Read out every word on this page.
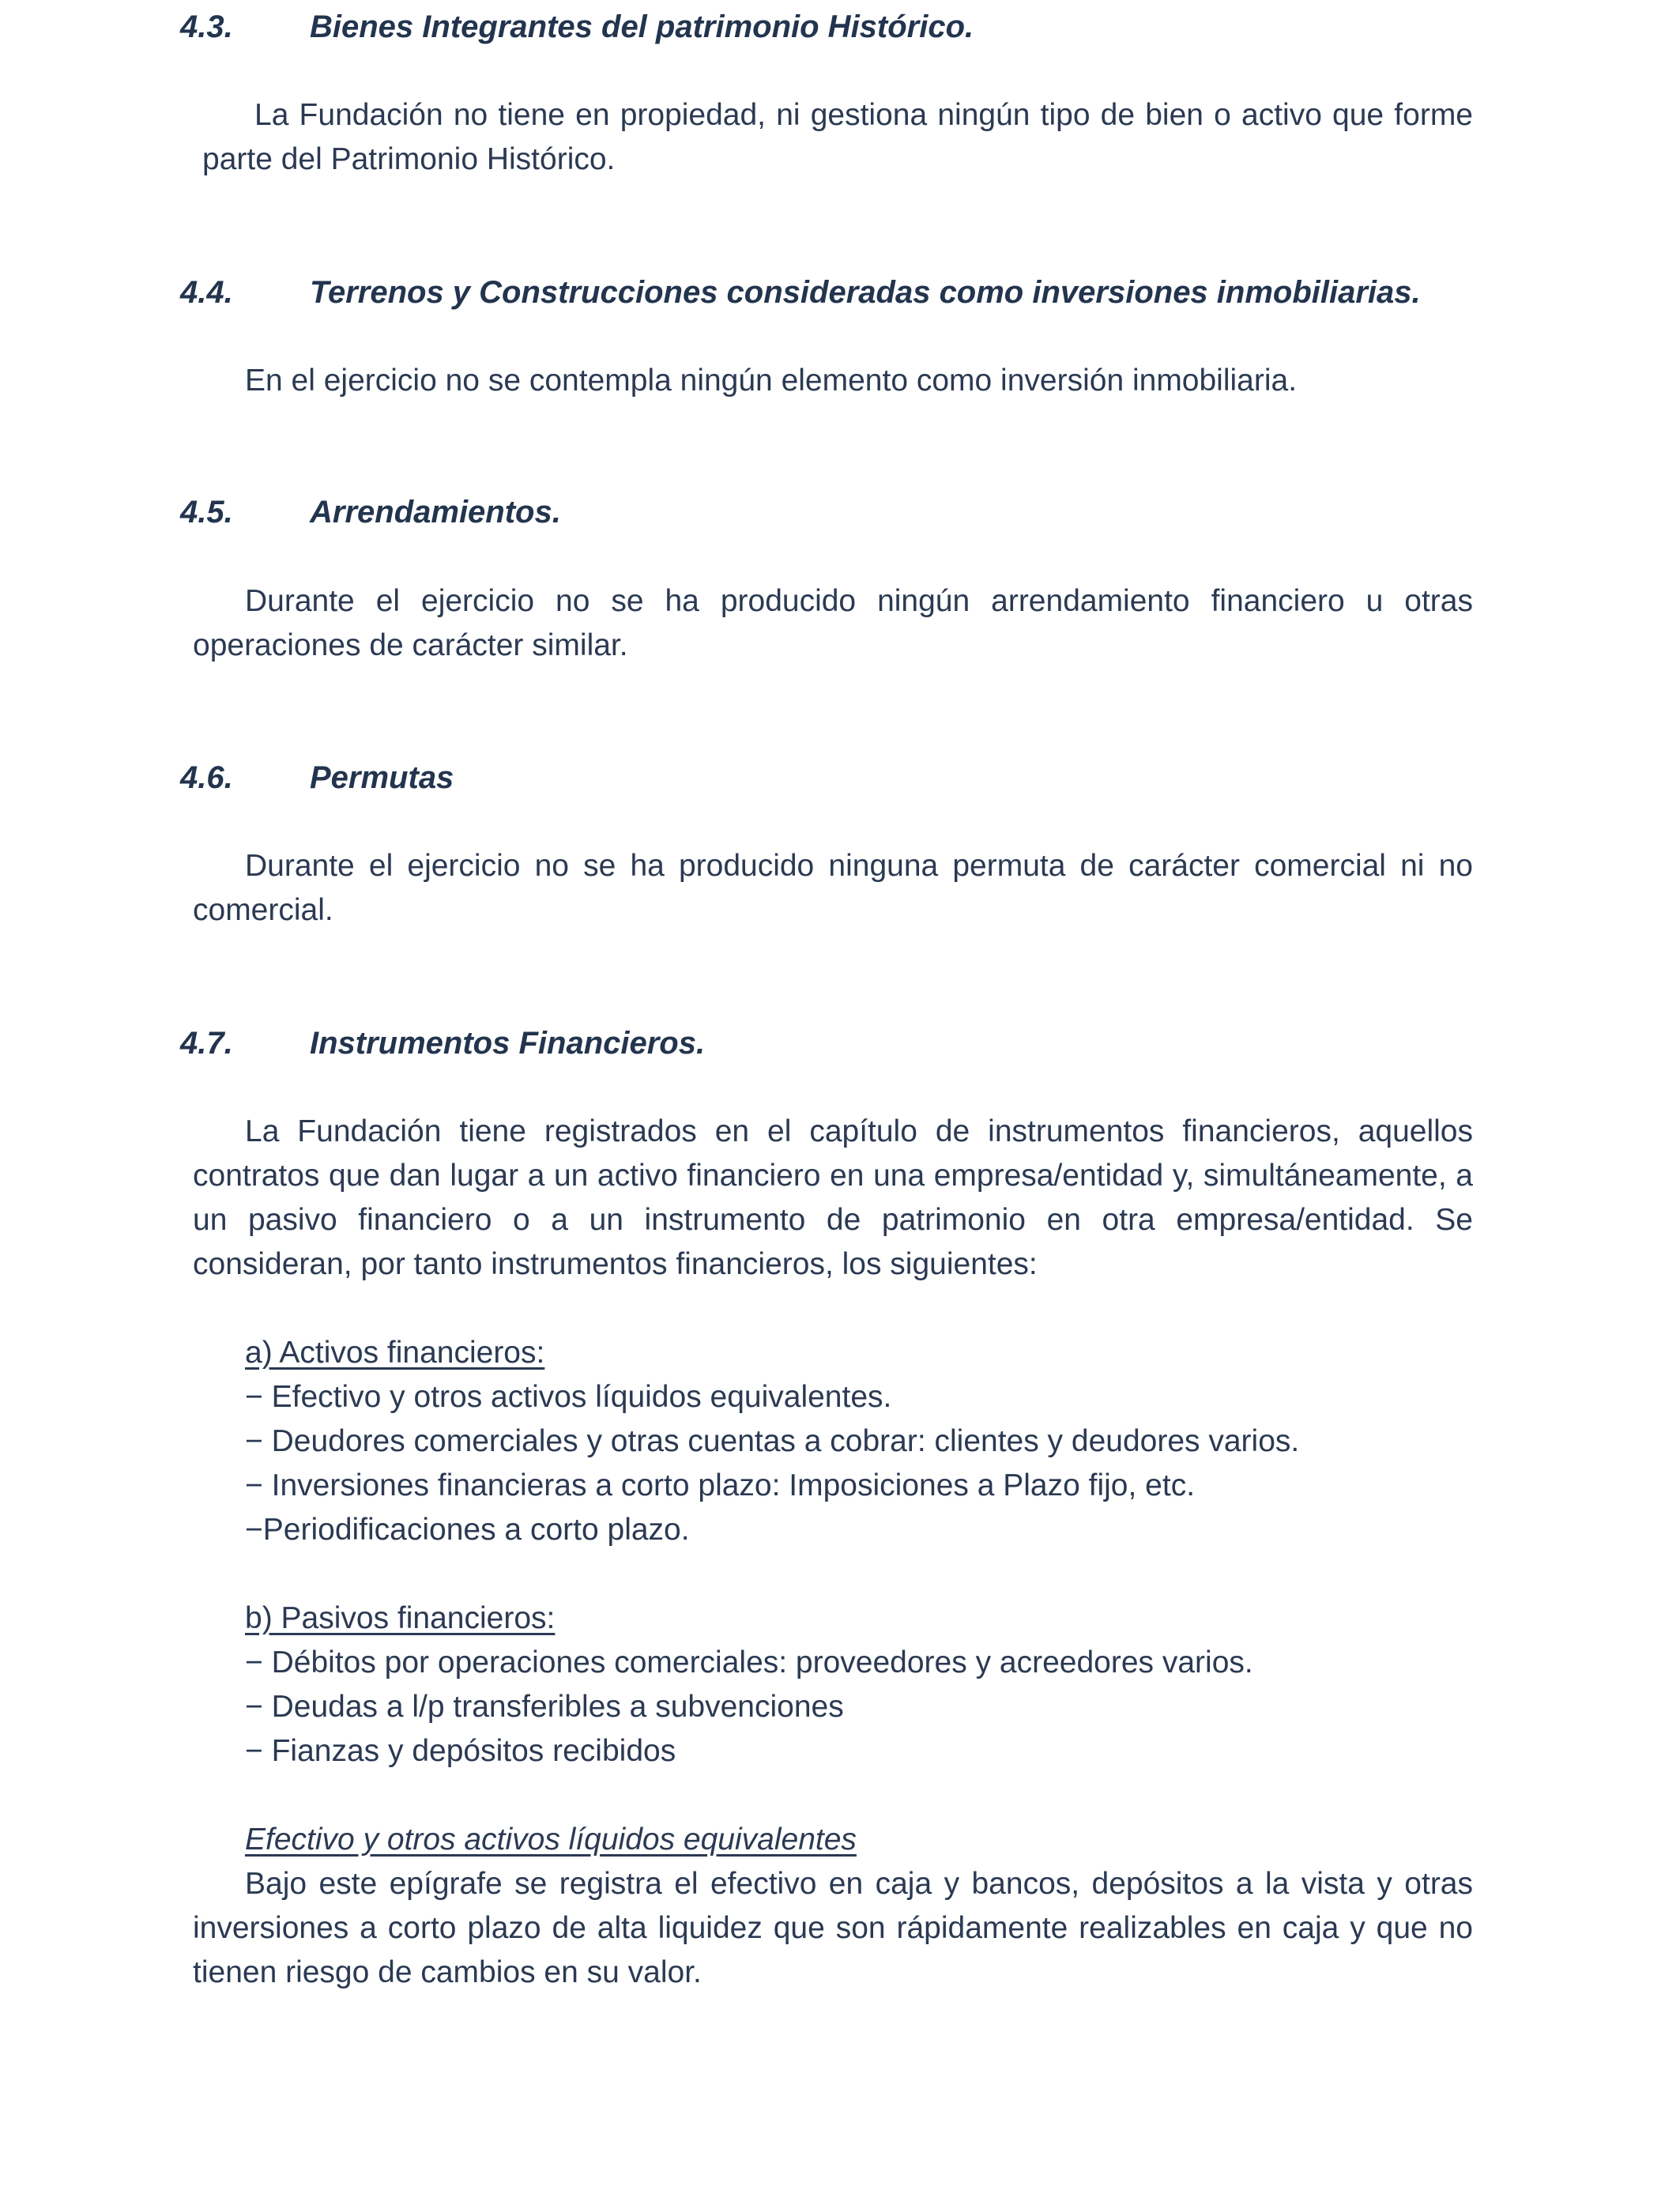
4.3. Bienes Integrantes del patrimonio Histórico.
La Fundación no tiene en propiedad, ni gestiona ningún tipo de bien o activo que forme parte del Patrimonio Histórico.
4.4. Terrenos y Construcciones consideradas como inversiones inmobiliarias.
En el ejercicio no se contempla ningún elemento como inversión inmobiliaria.
4.5. Arrendamientos.
Durante el ejercicio no se ha producido ningún arrendamiento financiero u otras operaciones de carácter similar.
4.6. Permutas
Durante el ejercicio no se ha producido ninguna permuta de carácter comercial ni no comercial.
4.7. Instrumentos Financieros.
La Fundación tiene registrados en el capítulo de instrumentos financieros, aquellos contratos que dan lugar a un activo financiero en una empresa/entidad y, simultáneamente, a un pasivo financiero o a un instrumento de patrimonio en otra empresa/entidad. Se consideran, por tanto instrumentos financieros, los siguientes:
a) Activos financieros:
− Efectivo y otros activos líquidos equivalentes.
− Deudores comerciales y otras cuentas a cobrar: clientes y deudores varios.
− Inversiones financieras a corto plazo: Imposiciones a Plazo fijo, etc.
−Periodificaciones a corto plazo.
b) Pasivos financieros:
− Débitos por operaciones comerciales: proveedores y acreedores varios.
− Deudas a l/p transferibles a subvenciones
− Fianzas y depósitos recibidos
Efectivo y otros activos líquidos equivalentes
Bajo este epígrafe se registra el efectivo en caja y bancos, depósitos a la vista y otras inversiones a corto plazo de alta liquidez que son rápidamente realizables en caja y que no tienen riesgo de cambios en su valor.
